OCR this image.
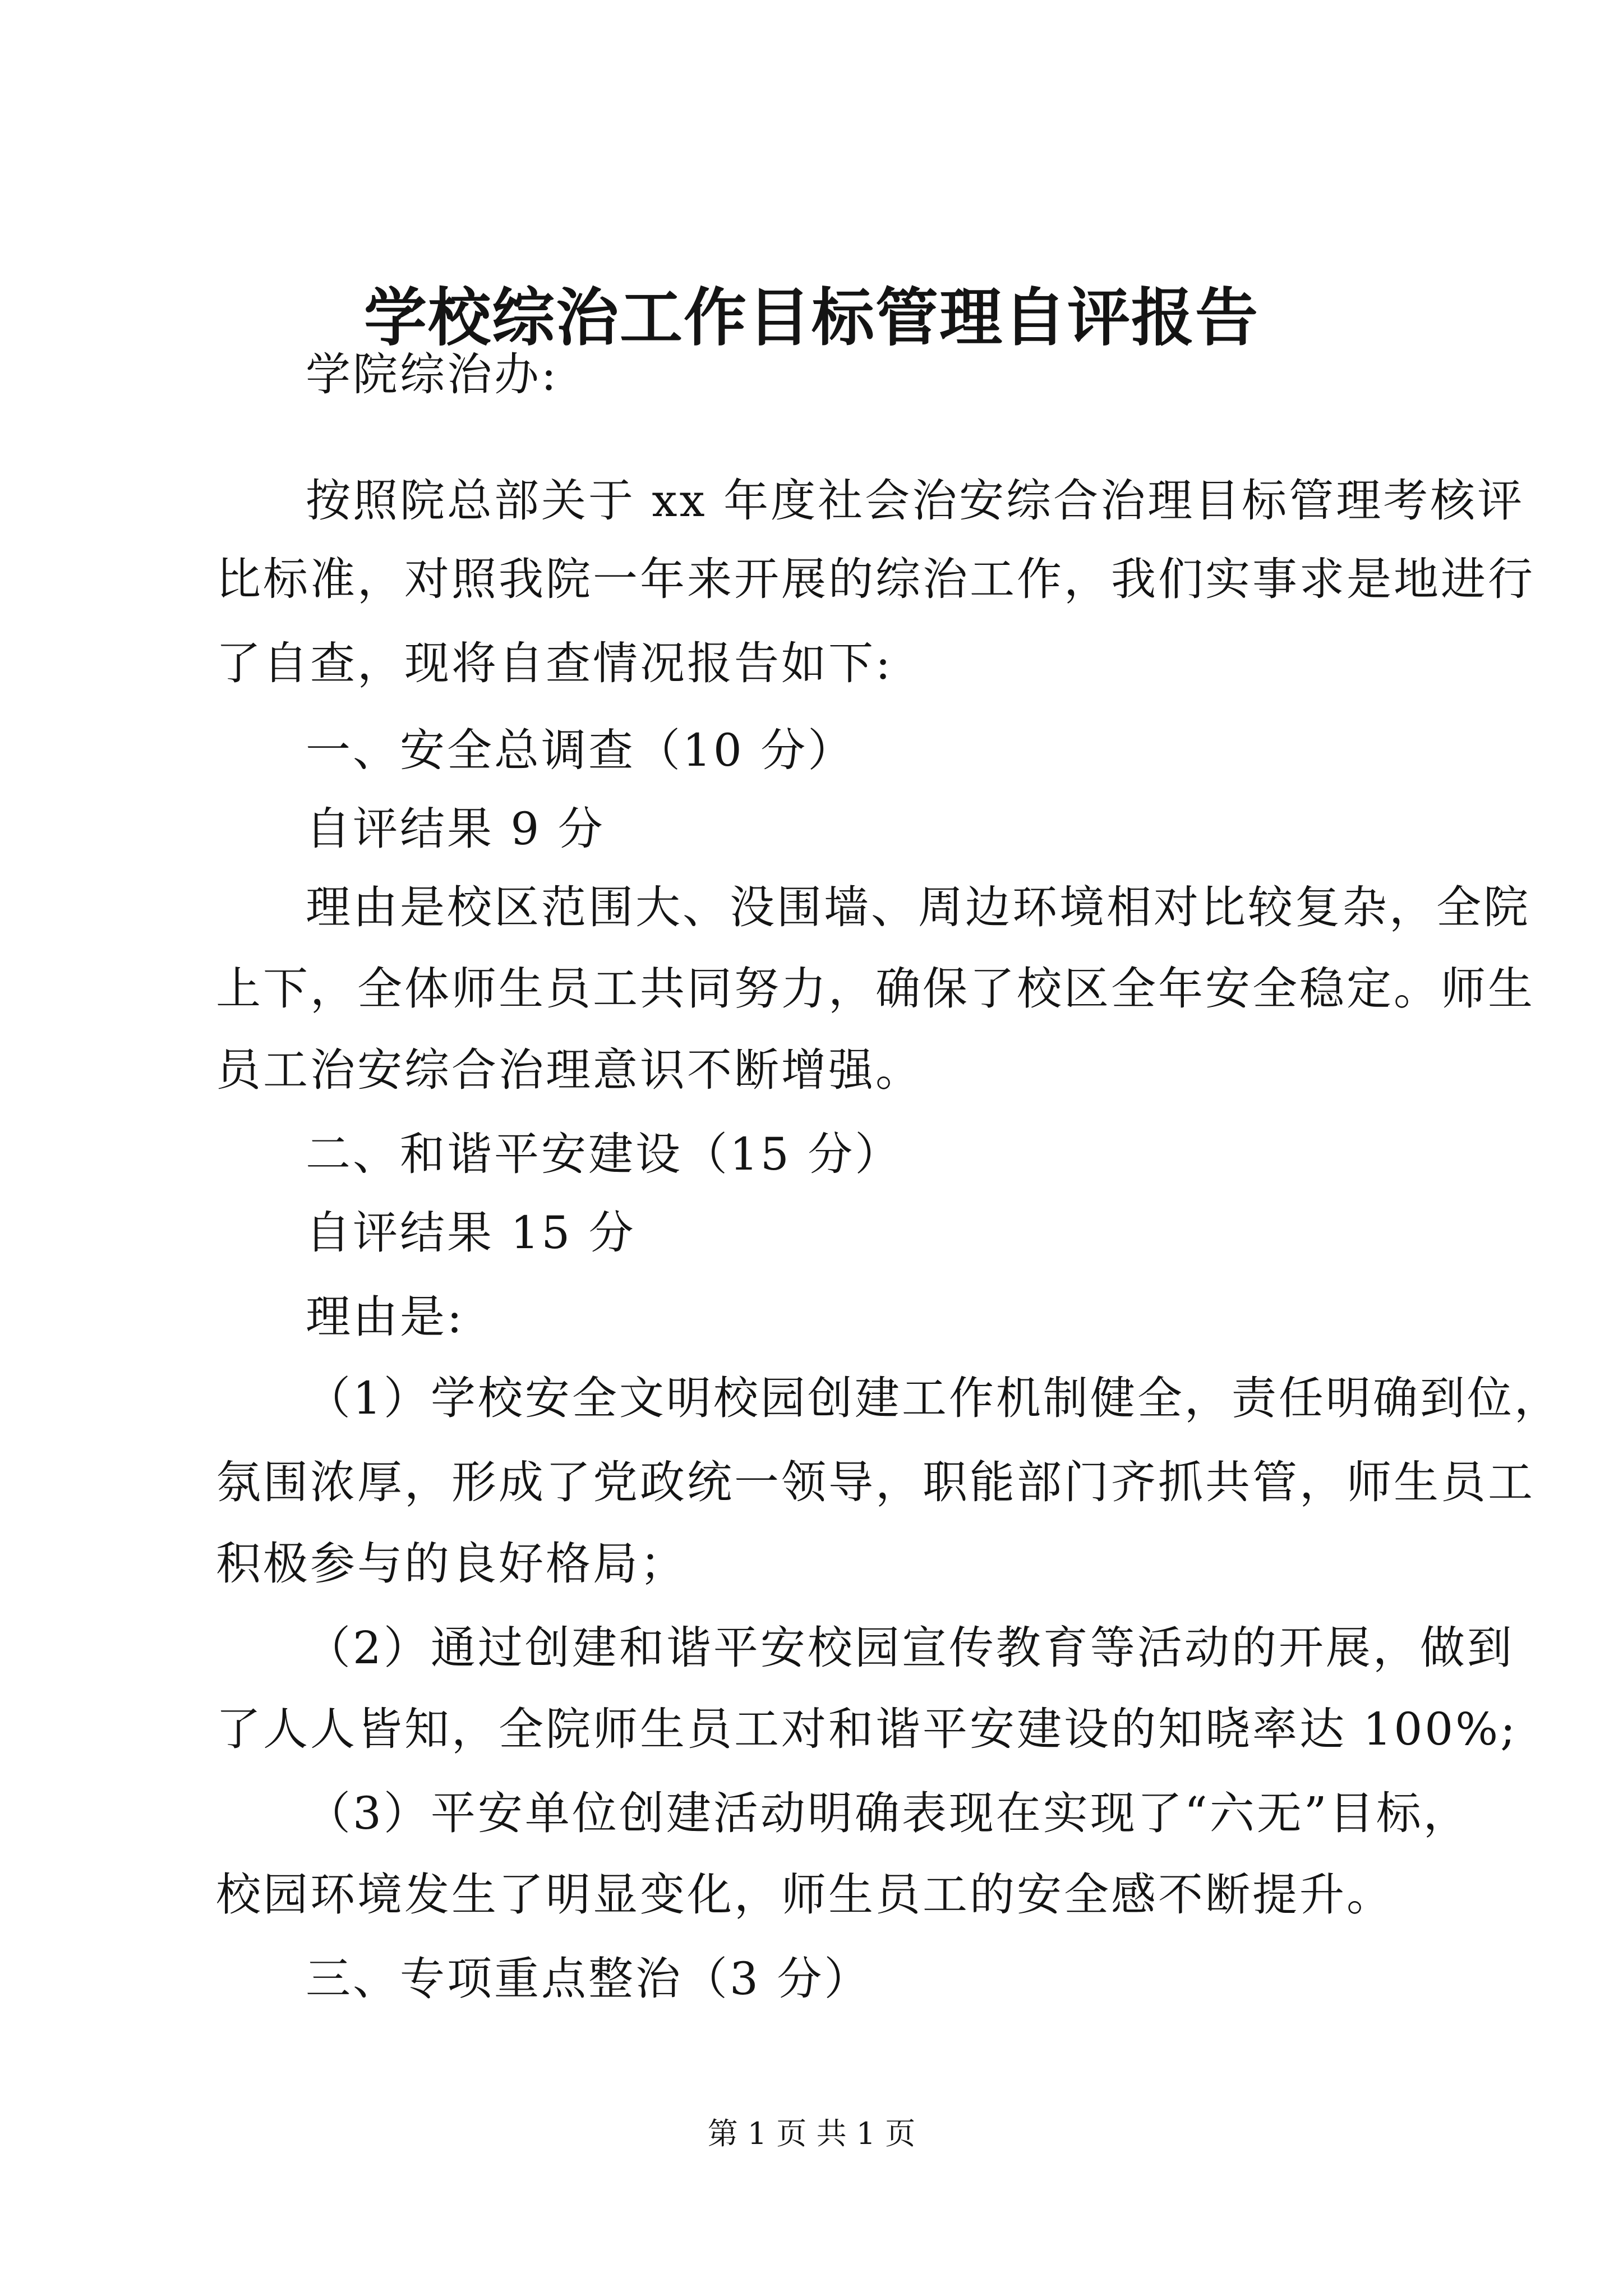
学校综治工作目标管理自评报告
学院综治办:
按照院总部关于 xx 年度社会治安综合治理目标管理考核评
比标准，对照我院一年来开展的综治工作，我们实事求是地进行
了自查，现将自查情况报告如下:
一、安全总调查（10 分）
自评结果 9 分
理由是校区范围大、没围墙、周边环境相对比较复杂，全院
上下，全体师生员工共同努力，确保了校区全年安全稳定。师生
员工治安综合治理意识不断增强。
二、和谐平安建设（15 分）
自评结果 15 分
理由是:
（1）学校安全文明校园创建工作机制健全，责任明确到位，
氛围浓厚，形成了党政统一领导，职能部门齐抓共管，师生员工
积极参与的良好格局；
（2）通过创建和谐平安校园宣传教育等活动的开展，做到
了人人皆知，全院师生员工对和谐平安建设的知晓率达 100%;
（3）平安单位创建活动明确表现在实现了“六无”目标，
校园环境发生了明显变化，师生员工的安全感不断提升。
三、专项重点整治（3 分）
第 1 页 共 1 页
